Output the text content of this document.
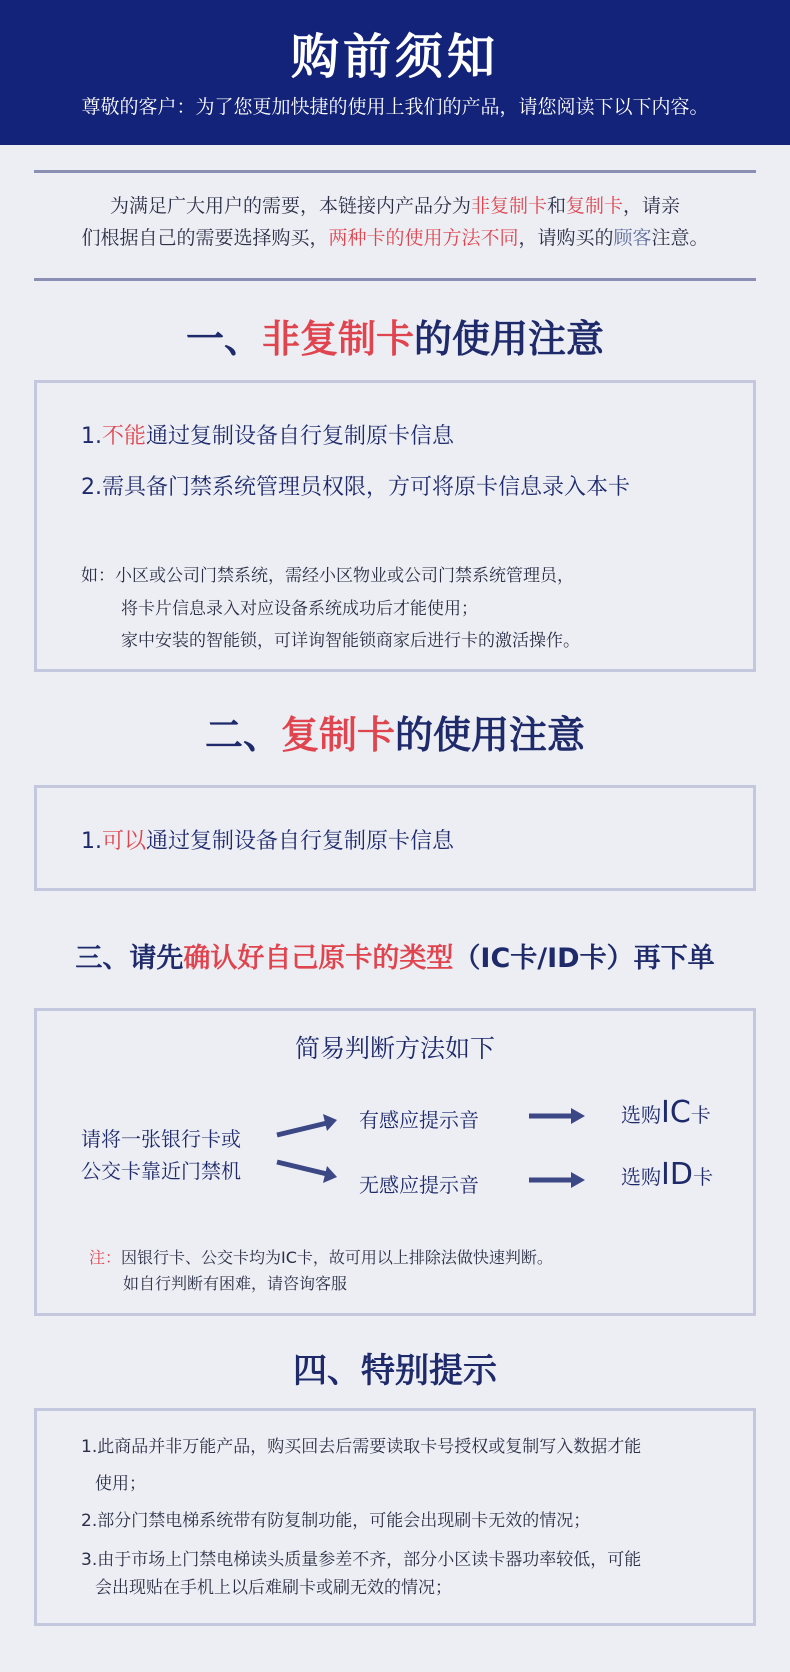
购前须知
尊敬的客户：为了您更加快捷的使用上我们的产品，请您阅读下以下内容。
为满足广大用户的需要，本链接内产品分为非复制卡和复制卡，请亲
们根据自己的需要选择购买，两种卡的使用方法不同，请购买的顾客注意。
一、非复制卡的使用注意
1.不能通过复制设备自行复制原卡信息
2.需具备门禁系统管理员权限，方可将原卡信息录入本卡
如：小区或公司门禁系统，需经小区物业或公司门禁系统管理员，
将卡片信息录入对应设备系统成功后才能使用；
家中安装的智能锁，可详询智能锁商家后进行卡的激活操作。
二、复制卡的使用注意
1.可以通过复制设备自行复制原卡信息
三、请先确认好自己原卡的类型（IC卡/ID卡）再下单
简易判断方法如下
请将一张银行卡或
公交卡靠近门禁机
有感应提示音
无感应提示音
选购IC卡
选购ID卡
注：因银行卡、公交卡均为IC卡，故可用以上排除法做快速判断。
如自行判断有困难，请咨询客服
四、特别提示
1.此商品并非万能产品，购买回去后需要读取卡号授权或复制写入数据才能
使用；
2.部分门禁电梯系统带有防复制功能，可能会出现刷卡无效的情况；
3.由于市场上门禁电梯读头质量参差不齐，部分小区读卡器功率较低，可能
会出现贴在手机上以后难刷卡或刷无效的情况；
